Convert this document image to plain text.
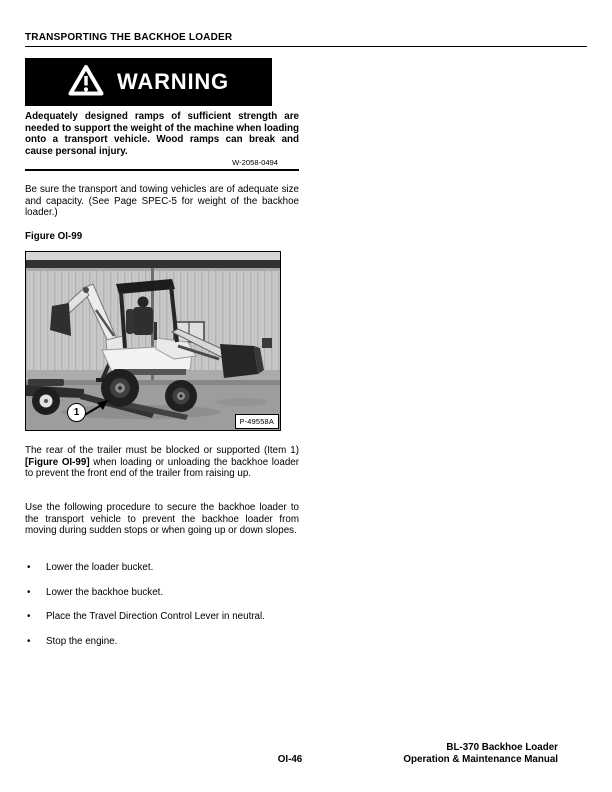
TRANSPORTING THE BACKHOE LOADER
WARNING
Adequately designed ramps of sufficient strength are needed to support the weight of the machine when loading onto a transport vehicle. Wood ramps can break and cause personal injury.
W-2058-0494
Be sure the transport and towing vehicles are of adequate size and capacity. (See Page SPEC-5 for weight of the backhoe loader.)
Figure OI-99
1
P-49558A
The rear of the trailer must be blocked or supported (Item 1) [Figure OI-99] when loading or unloading the backhoe loader to prevent the front end of the trailer from raising up.
Use the following procedure to secure the backhoe loader to the transport vehicle to prevent the backhoe loader from moving during sudden stops or when going up or down slopes.
• Lower the loader bucket.
• Lower the backhoe bucket.
• Place the Travel Direction Control Lever in neutral.
• Stop the engine.
BL-370 Backhoe Loader
Operation & Maintenance Manual
OI-46
